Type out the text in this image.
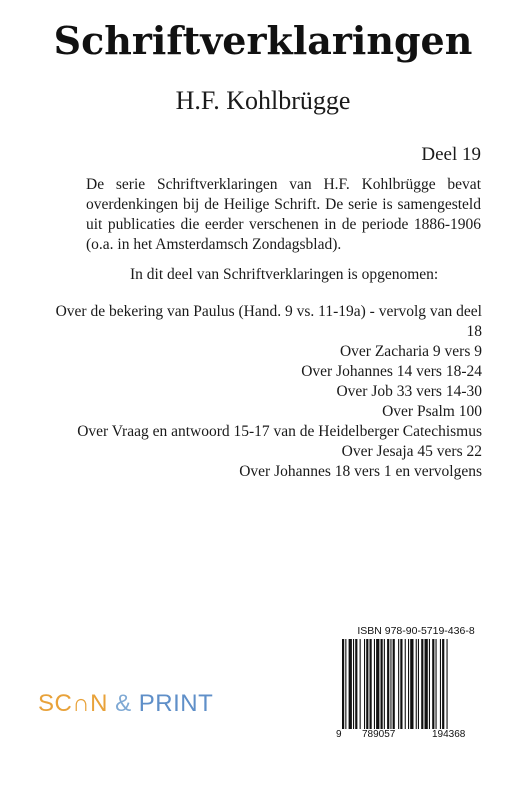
Schriftverklaringen
H.F. Kohlbrügge
Deel 19

De serie Schriftverklaringen van H.F. Kohlbrügge bevat overdenkingen bij de Heilige Schrift. De serie is samengesteld uit publicaties die eerder verschenen in de periode 1886-1906 (o.a. in het Amsterdamsch Zondagsblad).

In dit deel van Schriftverklaringen is opgenomen:
Over de bekering van Paulus (Hand. 9 vs. 11-19a) - vervolg van deel 18
Over Zacharia 9 vers 9
Over Johannes 14 vers 18-24
Over Job 33 vers 14-30
Over Psalm 100
Over Vraag en antwoord 15-17 van de Heidelberger Catechismus
Over Jesaja 45 vers 22
Over Johannes 18 vers 1 en vervolgens
ISBN 978-90-5719-436-8
9 789057	194368
SC∩N & PRINT
